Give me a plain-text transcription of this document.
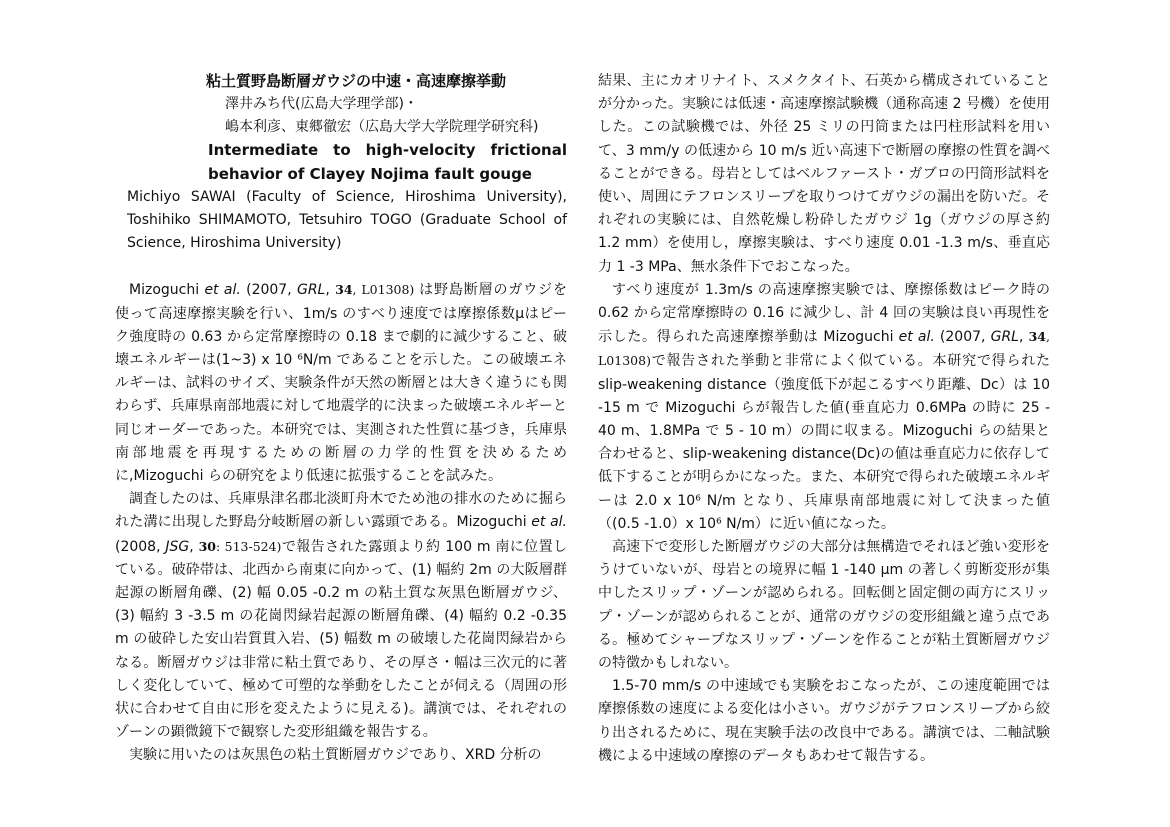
粘土質野島断層ガウジの中速・高速摩擦挙動
澤井みち代(広島大学理学部)・
嶋本利彦、東郷徹宏（広島大学大学院理学研究科)
Intermediate to high-velocity frictional
behavior of Clayey Nojima fault gouge
Michiyo SAWAI (Faculty of Science, Hiroshima University), Toshihiko SHIMAMOTO, Tetsuhiro TOGO (Graduate School of Science, Hiroshima University)

Mizoguchi et al. (2007, GRL, 34, L01308) は野島断層のガウジを使って高速摩擦実験を行い、1m/s のすべり速度では摩擦係数μはピーク強度時の 0.63 から定常摩擦時の 0.18 まで劇的に減少すること、破壊エネルギーは(1~3) x 10 ⁶N/m であることを示した。この破壊エネルギーは、試料のサイズ、実験条件が天然の断層とは大きく違うにも関わらず、兵庫県南部地震に対して地震学的に決まった破壊エネルギーと同じオーダーであった。本研究では、実測された性質に基づき，兵庫県南部地震を再現するための断層の力学的性質を決めるために,Mizoguchi らの研究をより低速に拡張することを試みた。

調査したのは、兵庫県津名郡北淡町舟木でため池の排水のために掘られた溝に出現した野島分岐断層の新しい露頭である。Mizoguchi et al. (2008, JSG, 30: 513-524)で報告された露頭より約 100 m 南に位置している。破砕帯は、北西から南東に向かって、(1) 幅約 2m の大阪層群起源の断層角礫、(2) 幅 0.05 -0.2 m の粘土質な灰黒色断層ガウジ、(3) 幅約 3 -3.5 m の花崗閃緑岩起源の断層角礫、(4) 幅約 0.2 -0.35 m の破砕した安山岩質貫入岩、(5) 幅数 m の破壊した花崗閃緑岩からなる。断層ガウジは非常に粘土質であり、その厚さ・幅は三次元的に著しく変化していて、極めて可塑的な挙動をしたことが伺える（周囲の形状に合わせて自由に形を変えたように見える)。講演では、それぞれのゾーンの顕微鏡下で観察した変形組織を報告する。

実験に用いたのは灰黒色の粘土質断層ガウジであり、XRD 分析の

結果、主にカオリナイト、スメクタイト、石英から構成されていることが分かった。実験には低速・高速摩擦試験機（通称高速 2 号機）を使用した。この試験機では、外径 25 ミリの円筒または円柱形試料を用いて、3 mm/y の低速から 10 m/s 近い高速下で断層の摩擦の性質を調べることができる。母岩としてはベルファースト・ガブロの円筒形試料を使い、周囲にテフロンスリーブを取りつけてガウジの漏出を防いだ。それぞれの実験には、自然乾燥し粉砕したガウジ 1g（ガウジの厚さ約 1.2 mm）を使用し，摩擦実験は、すべり速度 0.01 -1.3 m/s、垂直応力 1 -3 MPa、無水条件下でおこなった。

すべり速度が 1.3m/s の高速摩擦実験では、摩擦係数はピーク時の 0.62 から定常摩擦時の 0.16 に減少し、計 4 回の実験は良い再現性を示した。得られた高速摩擦挙動は Mizoguchi et al. (2007, GRL, 34, L01308)で報告された挙動と非常によく似ている。本研究で得られた slip-weakening distance（強度低下が起こるすべり距離、Dc）は 10 -15 m で Mizoguchi らが報告した値(垂直応力 0.6MPa の時に 25 - 40 m、1.8MPa で 5 - 10 m）の間に収まる。Mizoguchi らの結果と合わせると、slip-weakening distance(Dc)の値は垂直応力に依存して低下することが明らかになった。また、本研究で得られた破壊エネルギーは 2.0 x 10⁶ N/m となり、兵庫県南部地震に対して決まった値（(0.5 -1.0）x 10⁶ N/m）に近い値になった。

高速下で変形した断層ガウジの大部分は無構造でそれほど強い変形をうけていないが、母岩との境界に幅 1 -140 μm の著しく剪断変形が集中したスリップ・ゾーンが認められる。回転側と固定側の両方にスリップ・ゾーンが認められることが、通常のガウジの変形組織と違う点である。極めてシャープなスリップ・ゾーンを作ることが粘土質断層ガウジの特徴かもしれない。

1.5-70 mm/s の中速域でも実験をおこなったが、この速度範囲では摩擦係数の速度による変化は小さい。ガウジがテフロンスリーブから絞り出されるために、現在実験手法の改良中である。講演では、二軸試験機による中速域の摩擦のデータもあわせて報告する。
